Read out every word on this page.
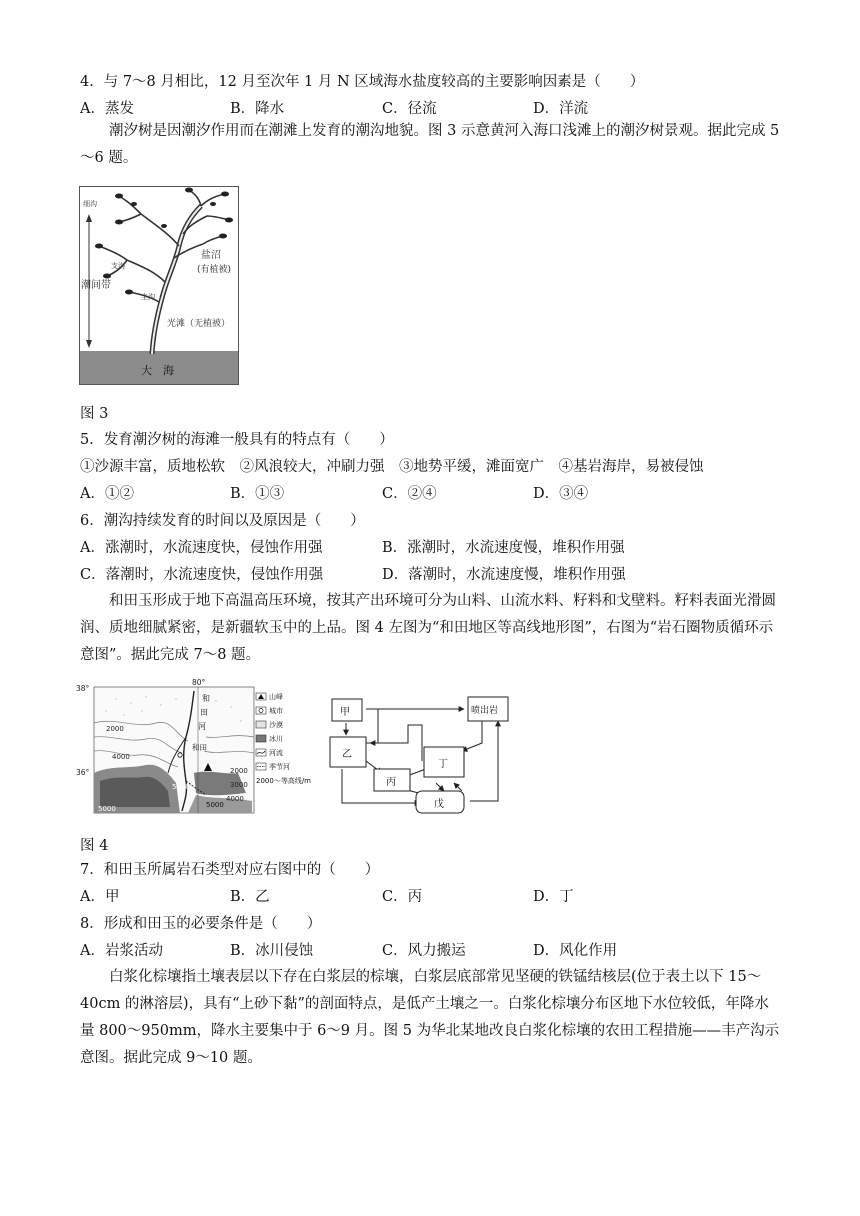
4．与 7～8 月相比，12 月至次年 1 月 N 区域海水盐度较高的主要影响因素是（　　）
A．蒸发	B．降水	C．径流	D．洋流
潮汐树是因潮汐作用而在潮滩上发育的潮沟地貌。图 3 示意黄河入海口浅滩上的潮汐树景观。据此完成 5～6 题。
细沟
支沟
主沟
潮间带
盐沼
(有植被)
光滩（无植被）
大　海
图 3
5．发育潮汐树的海滩一般具有的特点有（　　）
①沙源丰富，质地松软　②风浪较大，冲刷力强　③地势平缓，滩面宽广　④基岩海岸，易被侵蚀
A．①②	B．①③	C．②④	D．③④
6．潮沟持续发育的时间以及原因是（　　）
A．涨潮时，水流速度快，侵蚀作用强	B．涨潮时，水流速度慢，堆积作用强
C．落潮时，水流速度快，侵蚀作用强	D．落潮时，水流速度慢，堆积作用强
和田玉形成于地下高温高压环境，按其产出环境可分为山料、山流水料、籽料和戈壁料。籽料表面光滑圆润、质地细腻紧密，是新疆软玉中的上品。图 4 左图为“和田地区等高线地形图”，右图为“岩石圈物质循环示意图”。据此完成 7～8 题。
38°
36°
80°
和
田
河
和田
2000
4000
2000
3000
4000
5000
5000
5000
山峰
城市
沙漠
冰川
河流
季节河
2000～等高线/m
甲
乙
丙
丁
戊
喷出岩
图 4
7．和田玉所属岩石类型对应右图中的（　　）
A．甲	B．乙	C．丙	D．丁
8．形成和田玉的必要条件是（　　）
A．岩浆活动	B．冰川侵蚀	C．风力搬运	D．风化作用
白浆化棕壤指土壤表层以下存在白浆层的棕壤，白浆层底部常见坚硬的铁锰结核层(位于表土以下 15～40cm 的淋溶层)，具有“上砂下黏”的剖面特点，是低产土壤之一。白浆化棕壤分布区地下水位较低，年降水量 800～950mm，降水主要集中于 6～9 月。图 5 为华北某地改良白浆化棕壤的农田工程措施——丰产沟示意图。据此完成 9～10 题。
